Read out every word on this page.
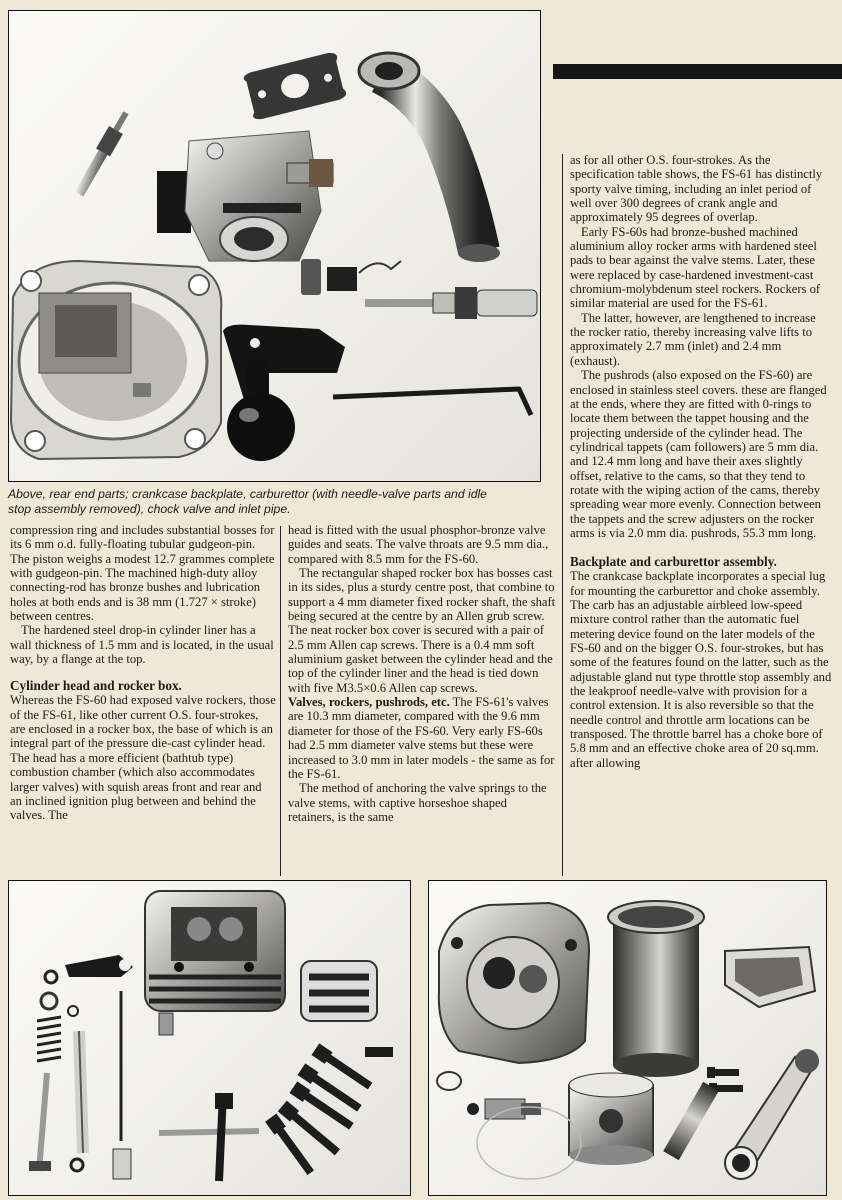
Above, rear end parts; crankcase backplate, carburettor (with needle-valve parts and idle
stop assembly removed), chock valve and inlet pipe.

compression ring and includes substantial bosses for its 6 mm o.d. fully-floating tubular gudgeon-pin. The piston weighs a modest 12.7 grammes complete with gudgeon-pin. The machined high-duty alloy connecting-rod has bronze bushes and lubrication holes at both ends and is 38 mm (1.727 × stroke) between centres.

The hardened steel drop-in cylinder liner has a wall thickness of 1.5 mm and is located, in the usual way, by a flange at the top.

Cylinder head and rocker box.

Whereas the FS-60 had exposed valve rockers, those of the FS-61, like other current O.S. four-strokes, are enclosed in a rocker box, the base of which is an integral part of the pressure die-cast cylinder head. The head has a more efficient (bathtub type) combustion chamber (which also accommodates larger valves) with squish areas front and rear and an inclined ignition plug between and behind the valves. The

head is fitted with the usual phosphor-bronze valve guides and seats. The valve throats are 9.5 mm dia., compared with 8.5 mm for the FS-60.

The rectangular shaped rocker box has bosses cast in its sides, plus a sturdy centre post, that combine to support a 4 mm diameter fixed rocker shaft, the shaft being secured at the centre by an Allen grub screw. The neat rocker box cover is secured with a pair of 2.5 mm Allen cap screws. There is a 0.4 mm soft aluminium gasket between the cylinder head and the top of the cylinder liner and the head is tied down with five M3.5×0.6 Allen cap screws.

Valves, rockers, pushrods, etc. The FS-61's valves are 10.3 mm diameter, compared with the 9.6 mm diameter for those of the FS-60. Very early FS-60s had 2.5 mm diameter valve stems but these were increased to 3.0 mm in later models - the same as for the FS-61.

The method of anchoring the valve springs to the valve stems, with captive horseshoe shaped retainers, is the same

as for all other O.S. four-strokes. As the specification table shows, the FS-61 has distinctly sporty valve timing, including an inlet period of well over 300 degrees of crank angle and approximately 95 degrees of overlap.

Early FS-60s had bronze-bushed machined aluminium alloy rocker arms with hardened steel pads to bear against the valve stems. Later, these were replaced by case-hardened investment-cast chromium-molybdenum steel rockers. Rockers of similar material are used for the FS-61.

The latter, however, are lengthened to increase the rocker ratio, thereby increasing valve lifts to approximately 2.7 mm (inlet) and 2.4 mm (exhaust).

The pushrods (also exposed on the FS-60) are enclosed in stainless steel covers. these are flanged at the ends, where they are fitted with 0-rings to locate them between the tappet housing and the projecting underside of the cylinder head. The cylindrical tappets (cam followers) are 5 mm dia. and 12.4 mm long and have their axes slightly offset, relative to the cams, so that they tend to rotate with the wiping action of the cams, thereby spreading wear more evenly. Connection between the tappets and the screw adjusters on the rocker arms is via 2.0 mm dia. pushrods, 55.3 mm long.

Backplate and carburettor assembly.

The crankcase backplate incorporates a special lug for mounting the carburettor and choke assembly. The carb has an adjustable airbleed low-speed mixture control rather than the automatic fuel metering device found on the later models of the FS-60 and on the bigger O.S. four-strokes, but has some of the features found on the latter, such as the adjustable gland nut type throttle stop assembly and the leakproof needle-valve with provision for a control extension. It is also reversible so that the needle control and throttle arm locations can be transposed. The throttle barrel has a choke bore of 5.8 mm and an effective choke area of 20 sq.mm. after allowing
